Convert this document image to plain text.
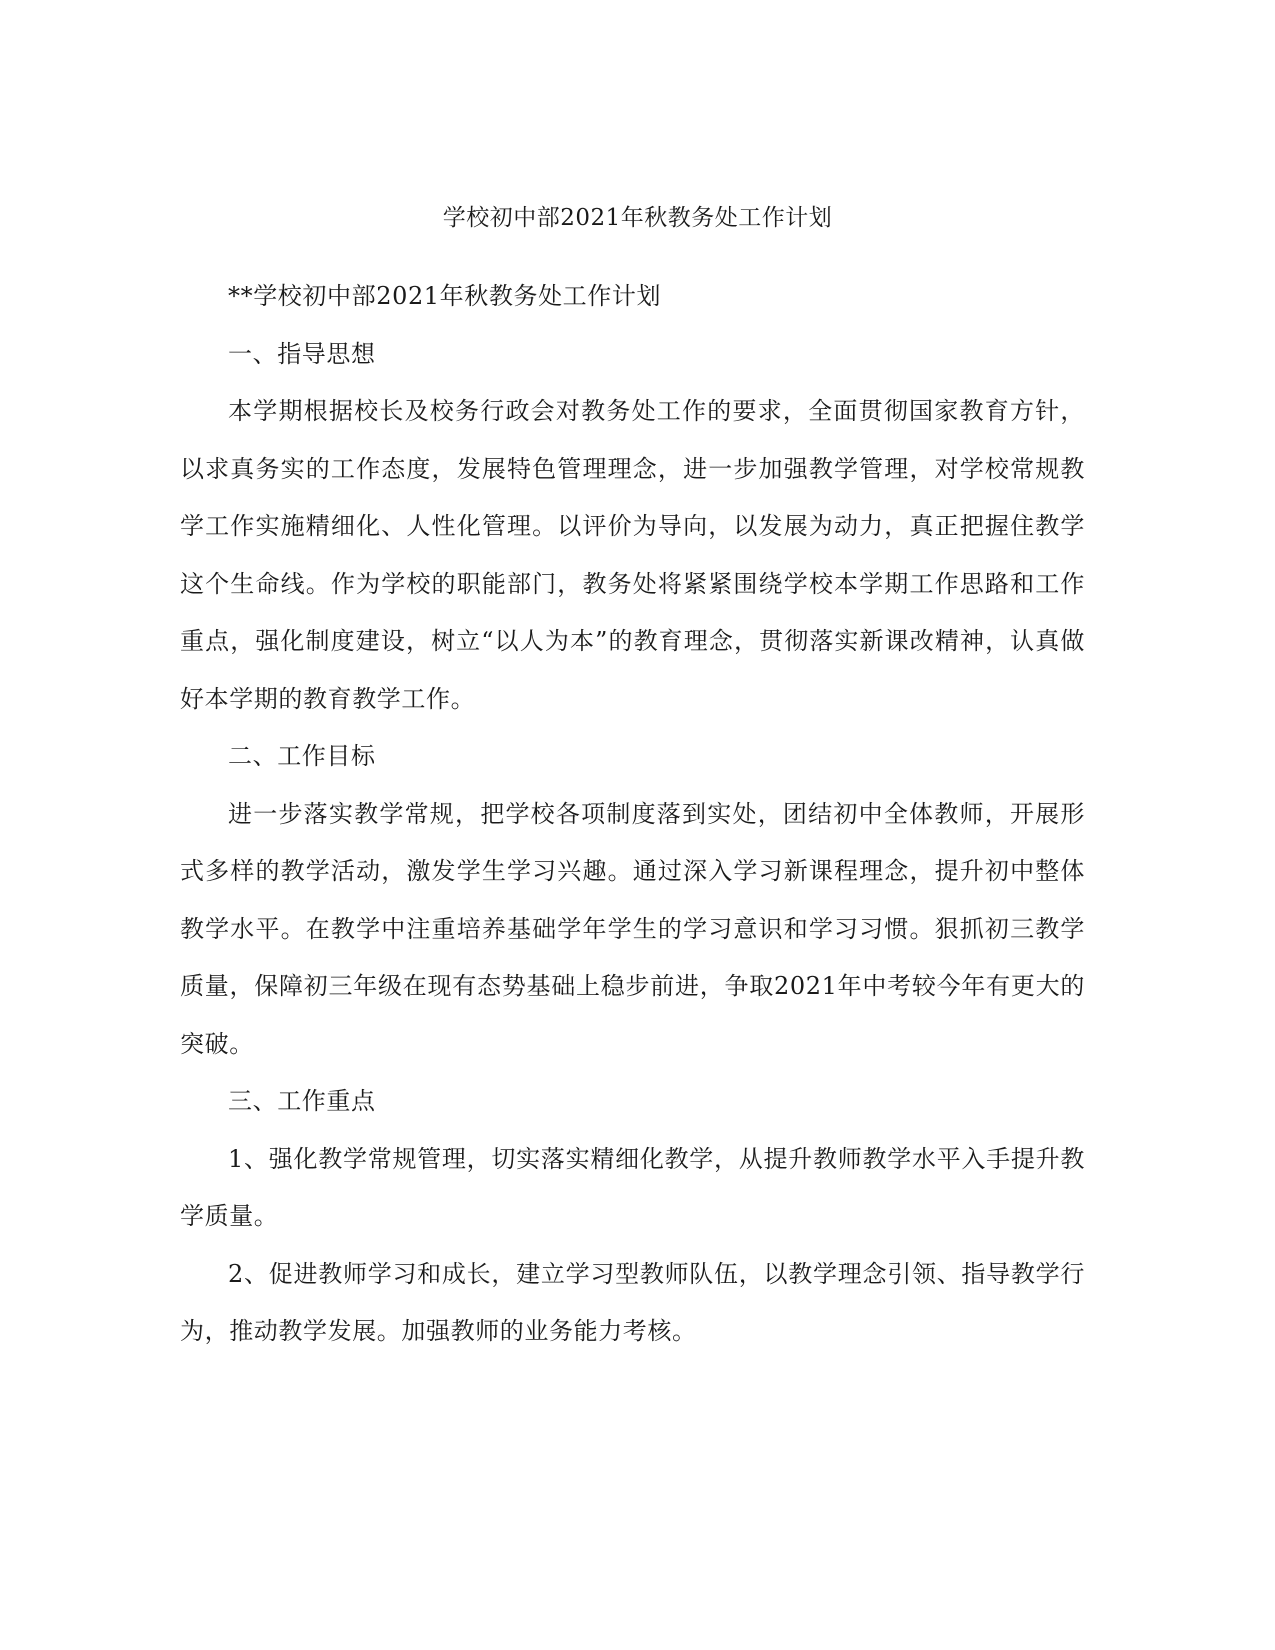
学校初中部2021年秋教务处工作计划

**学校初中部2021年秋教务处工作计划

一、指导思想

本学期根据校长及校务行政会对教务处工作的要求，全面贯彻国家教育方针，以求真务实的工作态度，发展特色管理理念，进一步加强教学管理，对学校常规教学工作实施精细化、人性化管理。以评价为导向，以发展为动力，真正把握住教学这个生命线。作为学校的职能部门，教务处将紧紧围绕学校本学期工作思路和工作重点，强化制度建设，树立“以人为本”的教育理念，贯彻落实新课改精神，认真做好本学期的教育教学工作。

二、工作目标

进一步落实教学常规，把学校各项制度落到实处，团结初中全体教师，开展形式多样的教学活动，激发学生学习兴趣。通过深入学习新课程理念，提升初中整体教学水平。在教学中注重培养基础学年学生的学习意识和学习习惯。狠抓初三教学质量，保障初三年级在现有态势基础上稳步前进，争取2021年中考较今年有更大的突破。

三、工作重点

1、强化教学常规管理，切实落实精细化教学，从提升教师教学水平入手提升教学质量。

2、促进教师学习和成长，建立学习型教师队伍，以教学理念引领、指导教学行为，推动教学发展。加强教师的业务能力考核。
